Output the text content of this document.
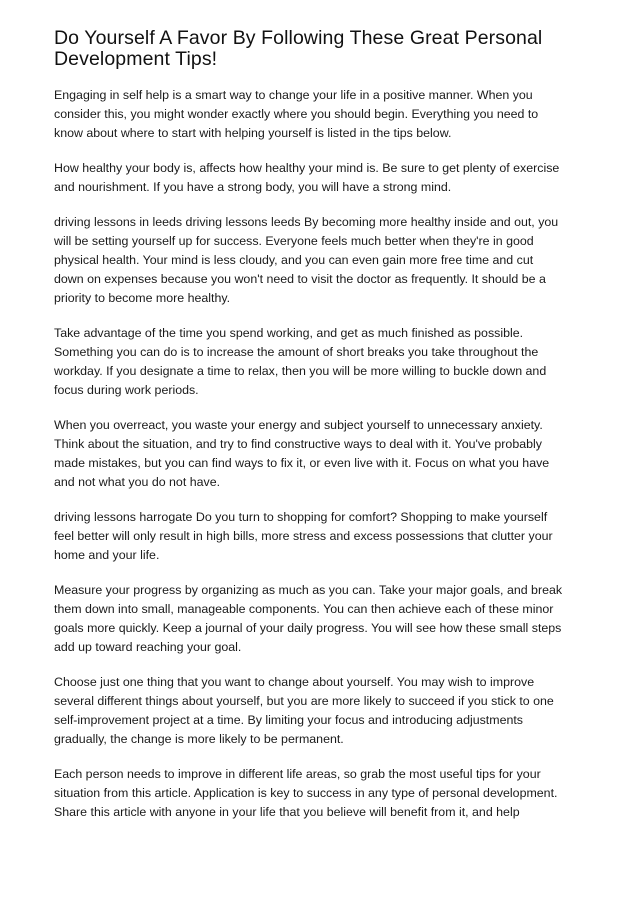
Do Yourself A Favor By Following These Great Personal
Development Tips!

Engaging in self help is a smart way to change your life in a positive manner. When you
consider this, you might wonder exactly where you should begin. Everything you need to
know about where to start with helping yourself is listed in the tips below.

How healthy your body is, affects how healthy your mind is. Be sure to get plenty of exercise
and nourishment. If you have a strong body, you will have a strong mind.

driving lessons in leeds driving lessons leeds By becoming more healthy inside and out, you
will be setting yourself up for success. Everyone feels much better when they're in good
physical health. Your mind is less cloudy, and you can even gain more free time and cut
down on expenses because you won't need to visit the doctor as frequently. It should be a
priority to become more healthy.

Take advantage of the time you spend working, and get as much finished as possible.
Something you can do is to increase the amount of short breaks you take throughout the
workday. If you designate a time to relax, then you will be more willing to buckle down and
focus during work periods.

When you overreact, you waste your energy and subject yourself to unnecessary anxiety.
Think about the situation, and try to find constructive ways to deal with it. You've probably
made mistakes, but you can find ways to fix it, or even live with it. Focus on what you have
and not what you do not have.

driving lessons harrogate Do you turn to shopping for comfort? Shopping to make yourself
feel better will only result in high bills, more stress and excess possessions that clutter your
home and your life.

Measure your progress by organizing as much as you can. Take your major goals, and break
them down into small, manageable components. You can then achieve each of these minor
goals more quickly. Keep a journal of your daily progress. You will see how these small steps
add up toward reaching your goal.

Choose just one thing that you want to change about yourself. You may wish to improve
several different things about yourself, but you are more likely to succeed if you stick to one
self-improvement project at a time. By limiting your focus and introducing adjustments
gradually, the change is more likely to be permanent.

Each person needs to improve in different life areas, so grab the most useful tips for your
situation from this article. Application is key to success in any type of personal development.
Share this article with anyone in your life that you believe will benefit from it, and help
